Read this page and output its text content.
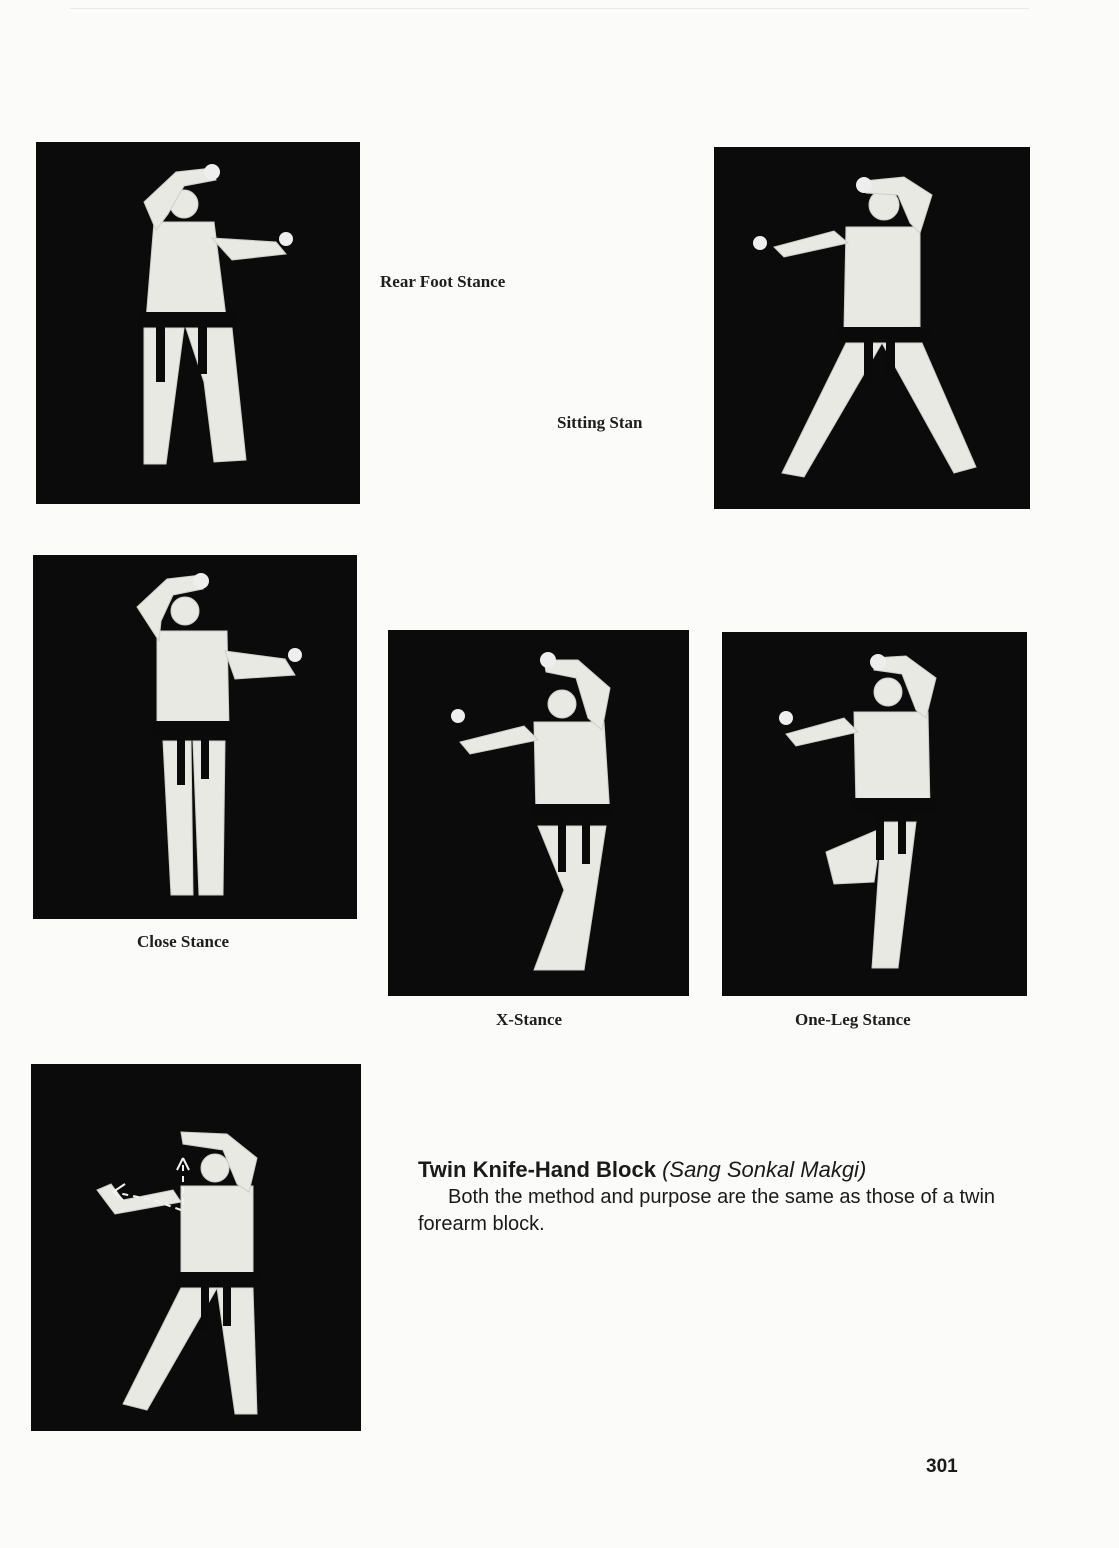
Rear Foot Stance
Sitting Stan
Close Stance
X-Stance	One-Leg Stance
Twin Knife-Hand Block (Sang Sonkal Makgi)
Both the method and purpose are the same as those of a twin forearm block.
301
